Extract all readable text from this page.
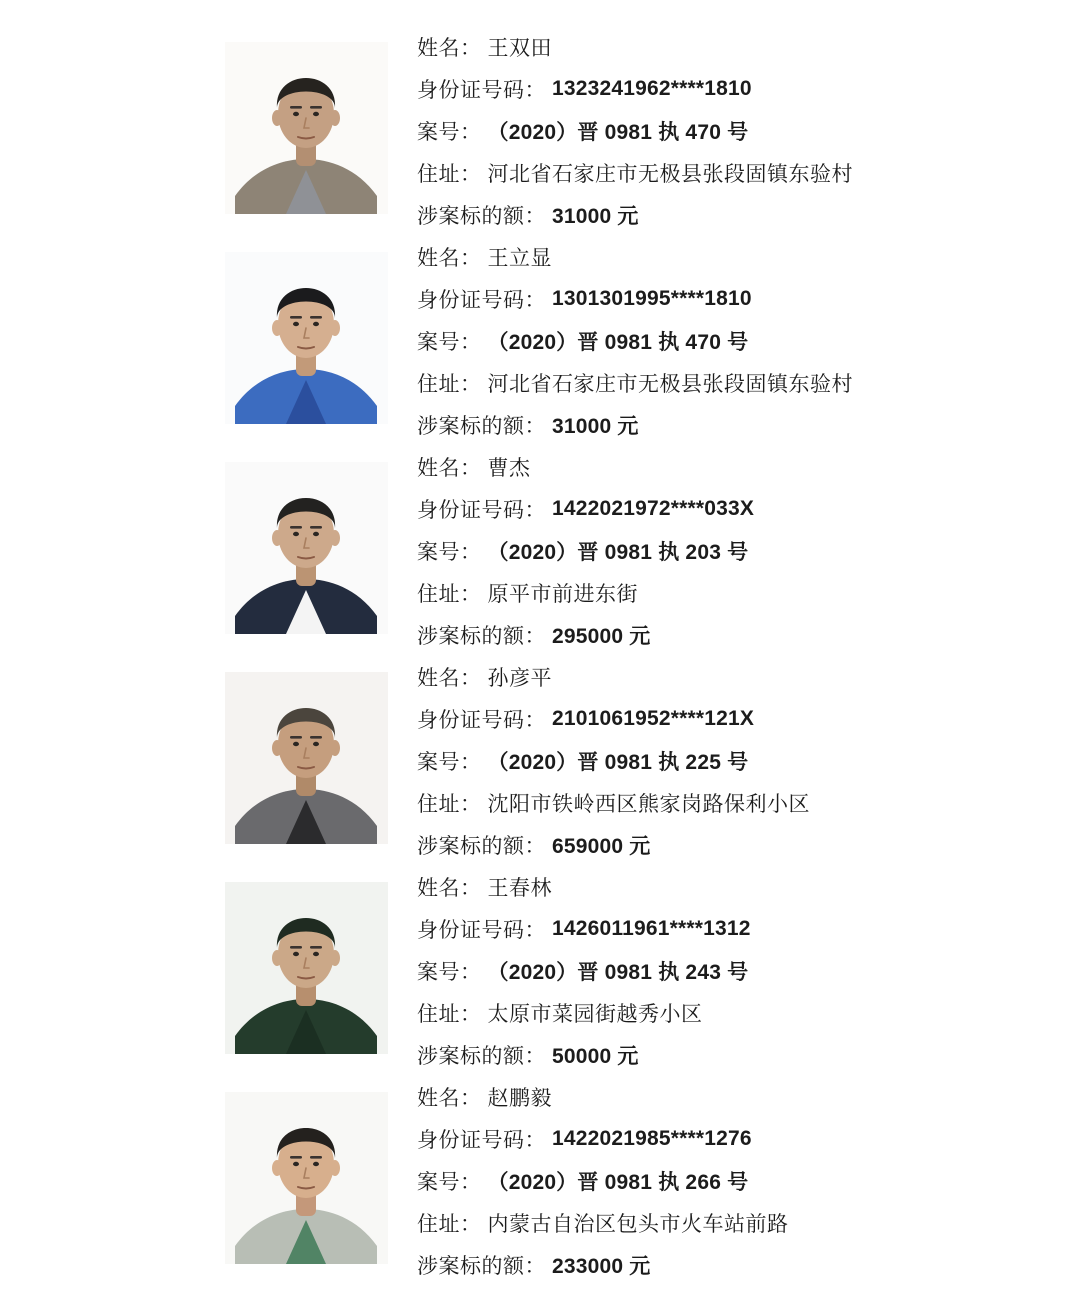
姓名： 王双田

身份证号码： 1323241962****1810

案号： （2020）晋 0981 执 470 号

住址： 河北省石家庄市无极县张段固镇东验村

涉案标的额： 31000 元

姓名： 王立显

身份证号码： 1301301995****1810

案号： （2020）晋 0981 执 470 号

住址： 河北省石家庄市无极县张段固镇东验村

涉案标的额： 31000 元

姓名： 曹杰

身份证号码： 1422021972****033X

案号： （2020）晋 0981 执 203 号

住址： 原平市前进东街

涉案标的额： 295000 元

姓名： 孙彦平

身份证号码： 2101061952****121X

案号： （2020）晋 0981 执 225 号

住址： 沈阳市铁岭西区熊家岗路保利小区

涉案标的额： 659000 元

姓名： 王春林

身份证号码： 1426011961****1312

案号： （2020）晋 0981 执 243 号

住址： 太原市菜园街越秀小区

涉案标的额： 50000 元

姓名： 赵鹏毅

身份证号码： 1422021985****1276

案号： （2020）晋 0981 执 266 号

住址： 内蒙古自治区包头市火车站前路

涉案标的额： 233000 元
